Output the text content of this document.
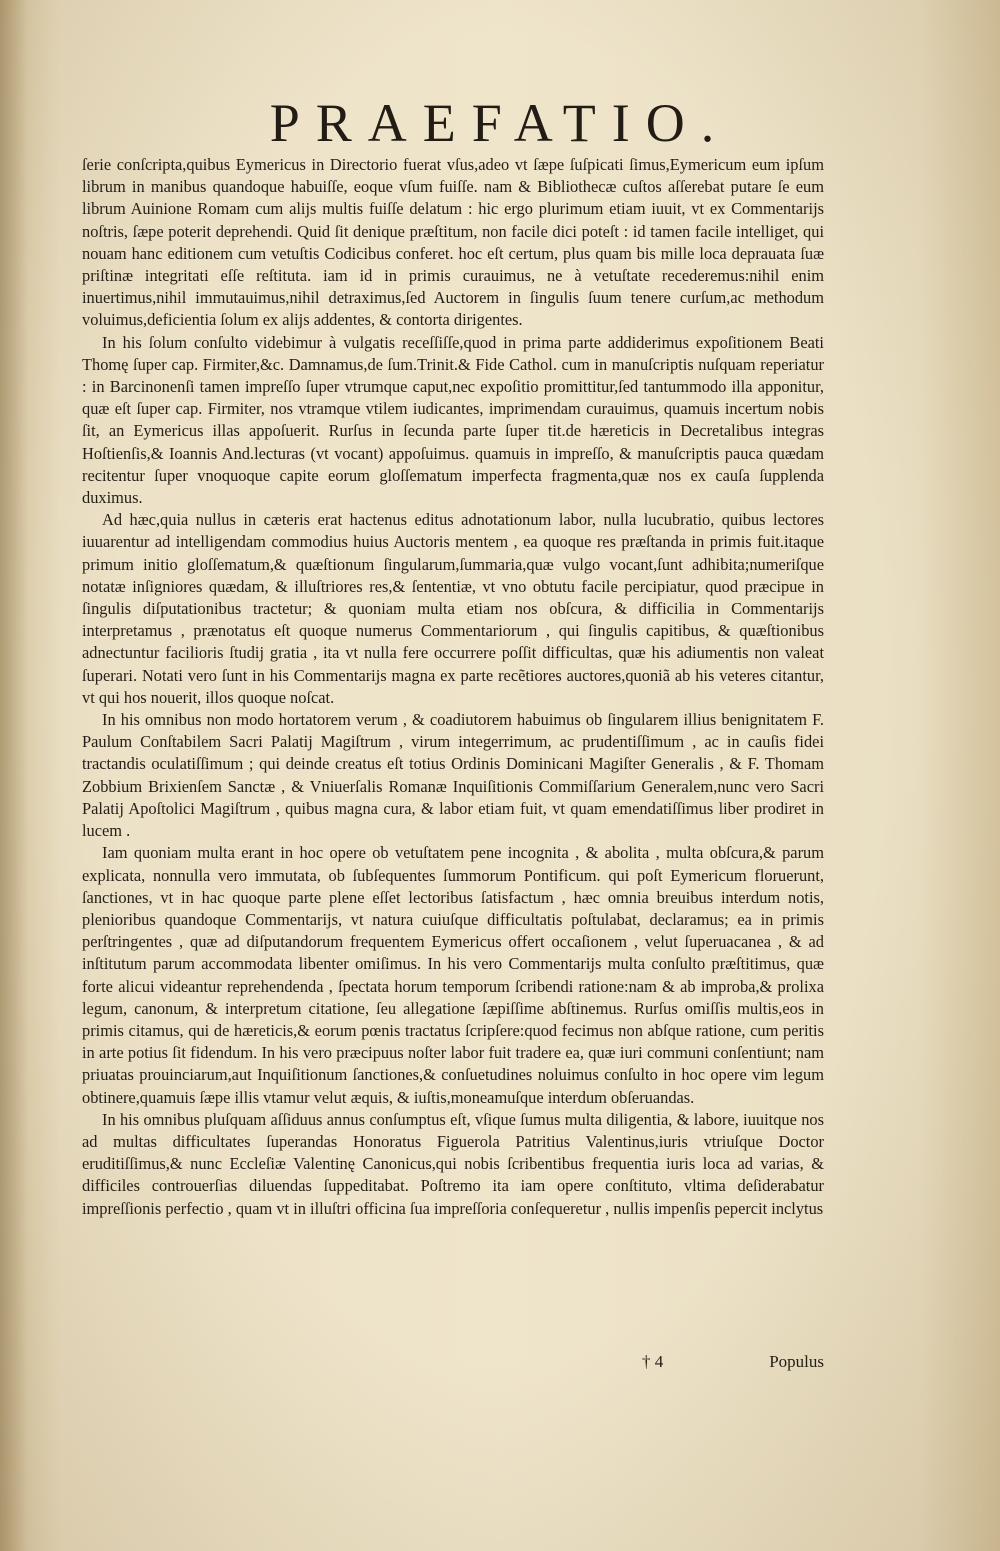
PRAEFATIO.

ſerie conſcripta,quibus Eymericus in Directorio fuerat vſus,adeo vt ſæpe ſuſpicati ſimus,Eymericum eum ipſum librum in manibus quandoque habuiſſe, eoque vſum fuiſſe. nam & Bibliothecæ cuſtos aſſerebat putare ſe eum librum Auinione Romam cum alijs multis fuiſſe delatum : hic ergo plurimum etiam iuuit, vt ex Commentarijs noſtris, ſæpe poterit deprehendi. Quid ſit denique præſtitum, non facile dici poteſt : id tamen facile intelliget, qui nouam hanc editionem cum vetuſtis Codicibus conferet. hoc eſt certum, plus quam bis mille loca deprauata ſuæ priſtinæ integritati eſſe reſtituta. iam id in primis curauimus, ne à vetuſtate recederemus:nihil enim inuertimus,nihil immutauimus,nihil detraximus,ſed Auctorem in ſingulis ſuum tenere curſum,ac methodum voluimus,deficientia ſolum ex alijs addentes, & contorta dirigentes.

In his ſolum conſulto videbimur à vulgatis receſſiſſe,quod in prima parte addiderimus expoſitionem Beati Thomę ſuper cap. Firmiter,&c. Damnamus,de ſum.Trinit.& Fide Cathol. cum in manuſcriptis nuſquam reperiatur : in Barcinonenſi tamen impreſſo ſuper vtrumque caput,nec expoſitio promittitur,ſed tantummodo illa apponitur, quæ eſt ſuper cap. Firmiter, nos vtramque vtilem iudicantes, imprimendam curauimus, quamuis incertum nobis ſit, an Eymericus illas appoſuerit. Rurſus in ſecunda parte ſuper tit.de hæreticis in Decretalibus integras Hoſtienſis,& Ioannis And.lecturas (vt vocant) appoſuimus. quamuis in impreſſo, & manuſcriptis pauca quædam recitentur ſuper vnoquoque capite eorum gloſſematum imperfecta fragmenta,quæ nos ex cauſa ſupplenda duximus.

Ad hæc,quia nullus in cæteris erat hactenus editus adnotationum labor, nulla lucubratio, quibus lectores iuuarentur ad intelligendam commodius huius Auctoris mentem , ea quoque res præſtanda in primis fuit.itaque primum initio gloſſematum,& quæſtionum ſingularum,ſummaria,quæ vulgo vocant,ſunt adhibita;numeriſque notatæ inſigniores quædam, & illuſtriores res,& ſententiæ, vt vno obtutu facile percipiatur, quod præcipue in ſingulis diſputationibus tractetur; & quoniam multa etiam nos obſcura, & difficilia in Commentarijs interpretamus , prænotatus eſt quoque numerus Commentariorum , qui ſingulis capitibus, & quæſtionibus adnectuntur facilioris ſtudij gratia , ita vt nulla fere occurrere poſſit difficultas, quæ his adiumentis non valeat ſuperari. Notati vero ſunt in his Commentarijs magna ex parte recẽtiores auctores,quoniã ab his veteres citantur, vt qui hos nouerit, illos quoque noſcat.

In his omnibus non modo hortatorem verum , & coadiutorem habuimus ob ſingularem illius benignitatem F. Paulum Conſtabilem Sacri Palatij Magiſtrum , virum integerrimum, ac prudentiſſimum , ac in cauſis fidei tractandis oculatiſſimum ; qui deinde creatus eſt totius Ordinis Dominicani Magiſter Generalis , & F. Thomam Zobbium Brixienſem Sanctæ , & Vniuerſalis Romanæ Inquiſitionis Commiſſarium Generalem,nunc vero Sacri Palatij Apoſtolici Magiſtrum , quibus magna cura, & labor etiam fuit, vt quam emendatiſſimus liber prodiret in lucem .

Iam quoniam multa erant in hoc opere ob vetuſtatem pene incognita , & abolita , multa obſcura,& parum explicata, nonnulla vero immutata, ob ſubſequentes ſummorum Pontificum. qui poſt Eymericum floruerunt, ſanctiones, vt in hac quoque parte plene eſſet lectoribus ſatisfactum , hæc omnia breuibus interdum notis, plenioribus quandoque Commentarijs, vt natura cuiuſque difficultatis poſtulabat, declaramus; ea in primis perſtringentes , quæ ad diſputandorum frequentem Eymericus offert occaſionem , velut ſuperuacanea , & ad inſtitutum parum accommodata libenter omiſimus. In his vero Commentarijs multa conſulto præſtitimus, quæ forte alicui videantur reprehendenda , ſpectata horum temporum ſcribendi ratione:nam & ab improba,& prolixa legum, canonum, & interpretum citatione, ſeu allegatione ſæpiſſime abſtinemus. Rurſus omiſſis multis,eos in primis citamus, qui de hæreticis,& eorum pœnis tractatus ſcripſere:quod fecimus non abſque ratione, cum peritis in arte potius ſit fidendum. In his vero præcipuus noſter labor fuit tradere ea, quæ iuri communi conſentiunt; nam priuatas prouinciarum,aut Inquiſitionum ſanctiones,& conſuetudines noluimus conſulto in hoc opere vim legum obtinere,quamuis ſæpe illis vtamur velut æquis, & iuſtis,moneamuſque interdum obſeruandas.

In his omnibus pluſquam aſſiduus annus conſumptus eſt, vſique ſumus multa diligentia, & labore, iuuitque nos ad multas difficultates ſuperandas Honoratus Figuerola Patritius Valentinus,iuris vtriuſque Doctor eruditiſſimus,& nunc Eccleſiæ Valentinę Canonicus,qui nobis ſcribentibus frequentia iuris loca ad varias, & difficiles controuerſias diluendas ſuppeditabat. Poſtremo ita iam opere conſtituto, vltima deſiderabatur impreſſionis perfectio , quam vt in illuſtri officina ſua impreſſoria conſequeretur , nullis impenſis pepercit inclytus

† 4	Populus
